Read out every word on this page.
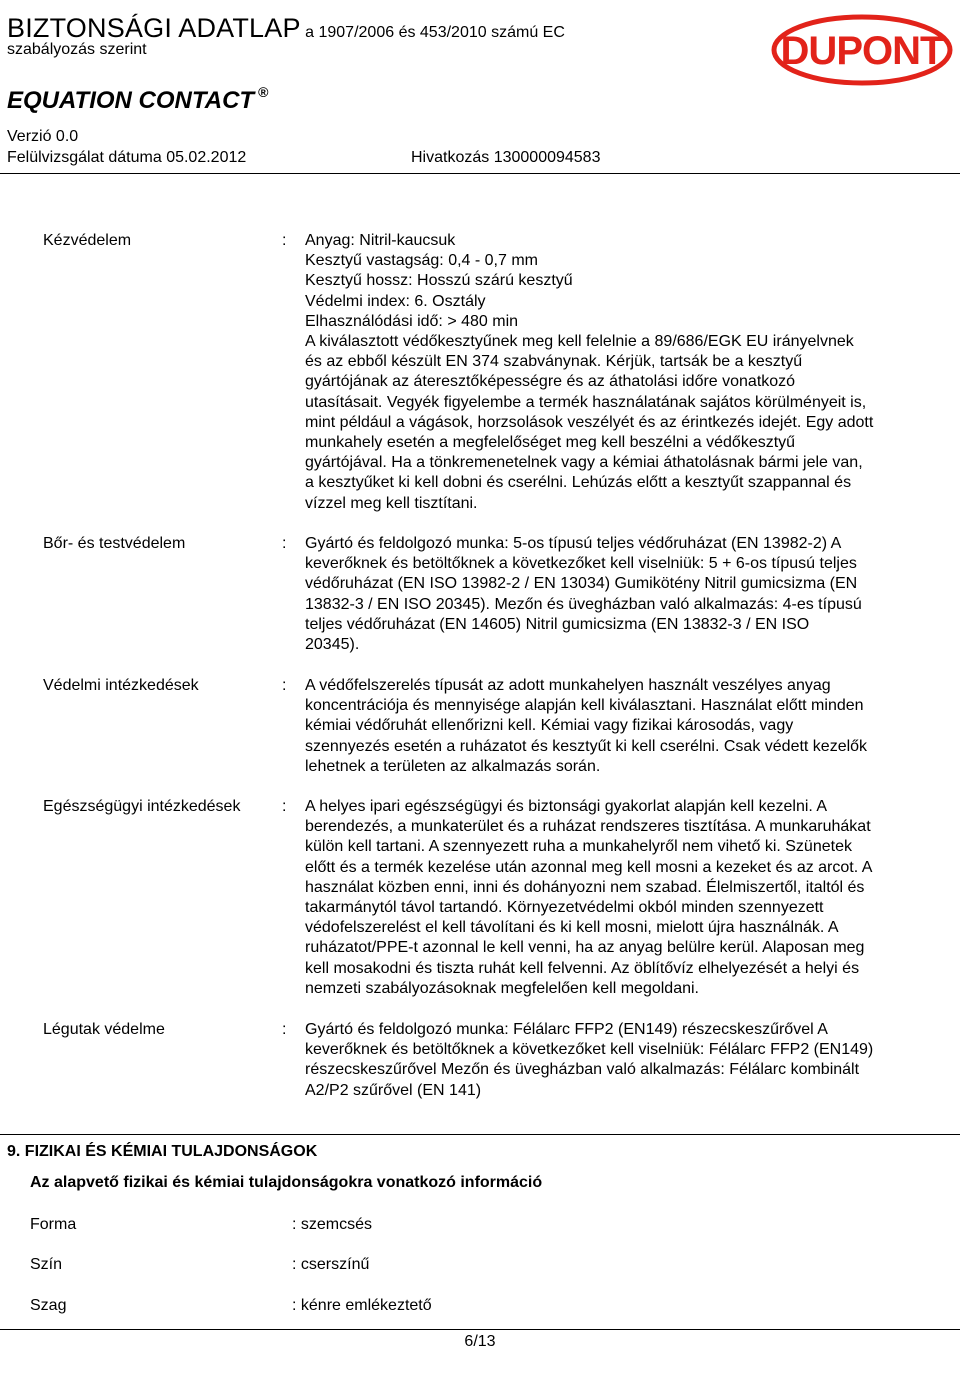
BIZTONSÁGI ADATLAP a 1907/2006 és 453/2010 számú EC
szabályozás szerint
EQUATION CONTACT ®
DUPONT
Verzió 0.0
Felülvizsgálat dátuma 05.02.2012	Hivatkozás 130000094583
Kézvédelem	: Anyag: Nitril-kaucsuk
Kesztyű vastagság: 0,4 - 0,7 mm
Kesztyű hossz: Hosszú szárú kesztyű
Védelmi index: 6. Osztály
Elhasználódási idő: > 480 min
A kiválasztott védőkesztyűnek meg kell felelnie a 89/686/EGK EU irányelvnek
és az ebből készült EN 374 szabványnak. Kérjük, tartsák be a kesztyű
gyártójának az áteresztőképességre és az áthatolási időre vonatkozó
utasításait. Vegyék figyelembe a termék használatának sajátos körülményeit is,
mint például a vágások, horzsolások veszélyét és az érintkezés idejét. Egy adott
munkahely esetén a megfelelőséget meg kell beszélni a védőkesztyű
gyártójával. Ha a tönkremenetelnek vagy a kémiai áthatolásnak bármi jele van,
a kesztyűket ki kell dobni és cserélni. Lehúzás előtt a kesztyűt szappannal és
vízzel meg kell tisztítani.
Bőr- és testvédelem	: Gyártó és feldolgozó munka: 5-os típusú teljes védőruházat (EN 13982-2) A
keverőknek és betöltőknek a következőket kell viselniük: 5 + 6-os típusú teljes
védőruházat (EN ISO 13982-2 / EN 13034) Gumikötény Nitril gumicsizma (EN
13832-3 / EN ISO 20345). Mezőn és üvegházban való alkalmazás: 4-es típusú
teljes védőruházat (EN 14605) Nitril gumicsizma (EN 13832-3 / EN ISO
20345).
Védelmi intézkedések	: A védőfelszerelés típusát az adott munkahelyen használt veszélyes anyag
koncentrációja és mennyisége alapján kell kiválasztani. Használat előtt minden
kémiai védőruhát ellenőrizni kell. Kémiai vagy fizikai károsodás, vagy
szennyezés esetén a ruházatot és kesztyűt ki kell cserélni. Csak védett kezelők
lehetnek a területen az alkalmazás során.
Egészségügyi intézkedések	: A helyes ipari egészségügyi és biztonsági gyakorlat alapján kell kezelni. A
berendezés, a munkaterület és a ruházat rendszeres tisztítása. A munkaruhákat
külön kell tartani. A szennyezett ruha a munkahelyről nem vihető ki. Szünetek
előtt és a termék kezelése után azonnal meg kell mosni a kezeket és az arcot. A
használat közben enni, inni és dohányozni nem szabad. Élelmiszertől, italtól és
takarmánytól távol tartandó. Környezetvédelmi okból minden szennyezett
védofelszerelést el kell távolítani és ki kell mosni, mielott újra használnák. A
ruházatot/PPE-t azonnal le kell venni, ha az anyag belülre kerül. Alaposan meg
kell mosakodni és tiszta ruhát kell felvenni. Az öblítővíz elhelyezését a helyi és
nemzeti szabályozásoknak megfelelően kell megoldani.
Légutak védelme	: Gyártó és feldolgozó munka: Félálarc FFP2 (EN149) részecskeszűrővel A
keverőknek és betöltőknek a következőket kell viselniük: Félálarc FFP2 (EN149)
részecskeszűrővel Mezőn és üvegházban való alkalmazás: Félálarc kombinált
A2/P2 szűrővel (EN 141)
9. FIZIKAI ÉS KÉMIAI TULAJDONSÁGOK
Az alapvető fizikai és kémiai tulajdonságokra vonatkozó információ
Forma	: szemcsés
Szín	: cserszínű
Szag	: kénre emlékeztető
6/13
